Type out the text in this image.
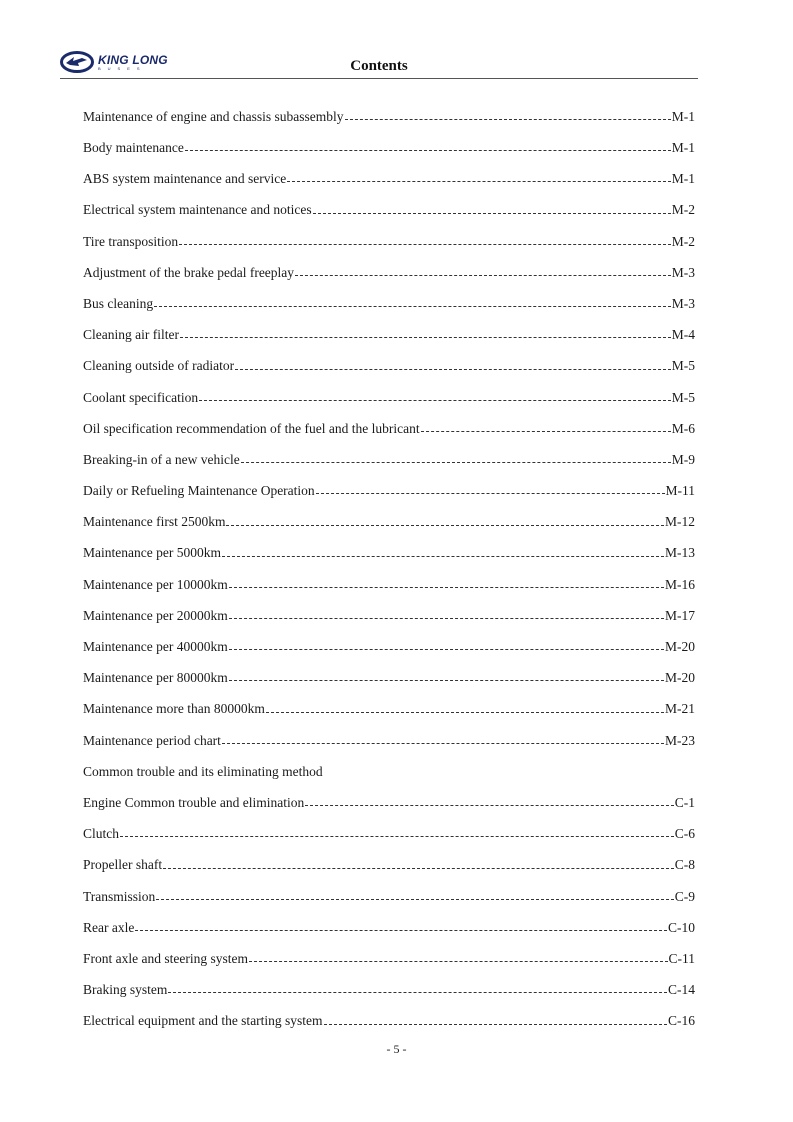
KING LONG
BUSES	Contents
Maintenance of engine and chassis subassembly	M-1
Body maintenance	M-1
ABS system maintenance and service	M-1
Electrical system maintenance and notices	M-2
Tire transposition	M-2
Adjustment of the brake pedal freeplay	M-3
Bus cleaning	M-3
Cleaning air filter	M-4
Cleaning outside of radiator	M-5
Coolant specification	M-5
Oil specification recommendation of the fuel and the lubricant	M-6
Breaking-in of a new vehicle	M-9
Daily or Refueling Maintenance Operation	M-11
Maintenance first 2500km	M-12
Maintenance per 5000km	M-13
Maintenance per 10000km	M-16
Maintenance per 20000km	M-17
Maintenance per 40000km	M-20
Maintenance per 80000km	M-20
Maintenance more than 80000km	M-21
Maintenance period chart	M-23
Common trouble and its eliminating method
Engine Common trouble and elimination	C-1
Clutch	C-6
Propeller shaft	C-8
Transmission	C-9
Rear axle	C-10
Front axle and steering system	C-11
Braking system	C-14
Electrical equipment and the starting system	C-16
- 5 -
